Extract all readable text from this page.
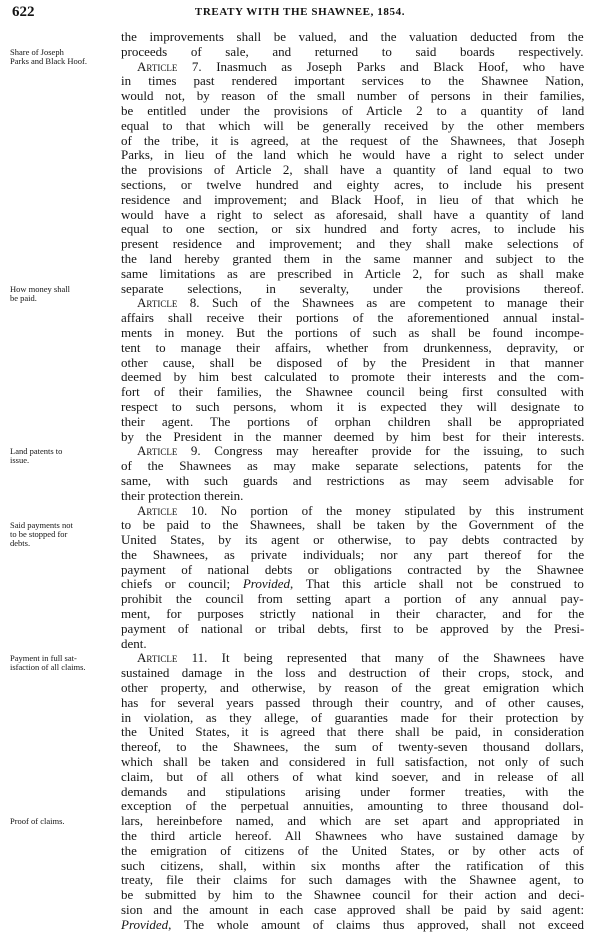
622	TREATY WITH THE SHAWNEE, 1854.
the improvements shall be valued, and the valuation deducted from the
proceeds of sale, and returned to said boards respectively.
Share of Joseph
Parks and Black Hoof.	Article 7. Inasmuch as Joseph Parks and Black Hoof, who have
in times past rendered important services to the Shawnee Nation,
would not, by reason of the small number of persons in their families,
be entitled under the provisions of Article 2 to a quantity of land
equal to that which will be generally received by the other members
of the tribe, it is agreed, at the request of the Shawnees, that Joseph
Parks, in lieu of the land which he would have a right to select under
the provisions of Article 2, shall have a quantity of land equal to two
sections, or twelve hundred and eighty acres, to include his present
residence and improvement; and Black Hoof, in lieu of that which he
would have a right to select as aforesaid, shall have a quantity of land
equal to one section, or six hundred and forty acres, to include his
present residence and improvement; and they shall make selections of
the land hereby granted them in the same manner and subject to the
same limitations as are prescribed in Article 2, for such as shall make
separate selections, in severalty, under the provisions thereof.
How money shall
be paid.	Article 8. Such of the Shawnees as are competent to manage their
affairs shall receive their portions of the aforementioned annual instal-
ments in money. But the portions of such as shall be found incompe-
tent to manage their affairs, whether from drunkenness, depravity, or
other cause, shall be disposed of by the President in that manner
deemed by him best calculated to promote their interests and the com-
fort of their families, the Shawnee council being first consulted with
respect to such persons, whom it is expected they will designate to
their agent. The portions of orphan children shall be appropriated
by the President in the manner deemed by him best for their interests.
Article 9. Congress may hereafter provide for the issuing, to such
Land patents to
issue.	of the Shawnees as may make separate selections, patents for the
same, with such guards and restrictions as may seem advisable for
their protection therein.
Article 10. No portion of the money stipulated by this instrument
to be paid to the Shawnees, shall be taken by the Government of the
Said payments not
to be stopped for
debts.	United States, by its agent or otherwise, to pay debts contracted by
the Shawnees, as private individuals; nor any part thereof for the
payment of national debts or obligations contracted by the Shawnee
chiefs or council; Provided, That this article shall not be construed to
prohibit the council from setting apart a portion of any annual pay-
ment, for purposes strictly national in their character, and for the
payment of national or tribal debts, first to be approved by the Presi-
dent.
Article 11. It being represented that many of the Shawnees have
Payment in full sat-
isfaction of all claims.	sustained damage in the loss and destruction of their crops, stock, and
other property, and otherwise, by reason of the great emigration which
has for several years passed through their country, and of other causes,
in violation, as they allege, of guaranties made for their protection by
the United States, it is agreed that there shall be paid, in consideration
thereof, to the Shawnees, the sum of twenty-seven thousand dollars,
which shall be taken and considered in full satisfaction, not only of such
claim, but of all others of what kind soever, and in release of all
demands and stipulations arising under former treaties, with the
exception of the perpetual annuities, amounting to three thousand dol-
lars, hereinbefore named, and which are set apart and appropriated in
Proof of claims.
the third article hereof. All Shawnees who have sustained damage by
the emigration of citizens of the United States, or by other acts of
such citizens, shall, within six months after the ratification of this
treaty, file their claims for such damages with the Shawnee agent, to
be submitted by him to the Shawnee council for their action and deci-
sion and the amount in each case approved shall be paid by said agent:
Provided, The whole amount of claims thus approved, shall not exceed
